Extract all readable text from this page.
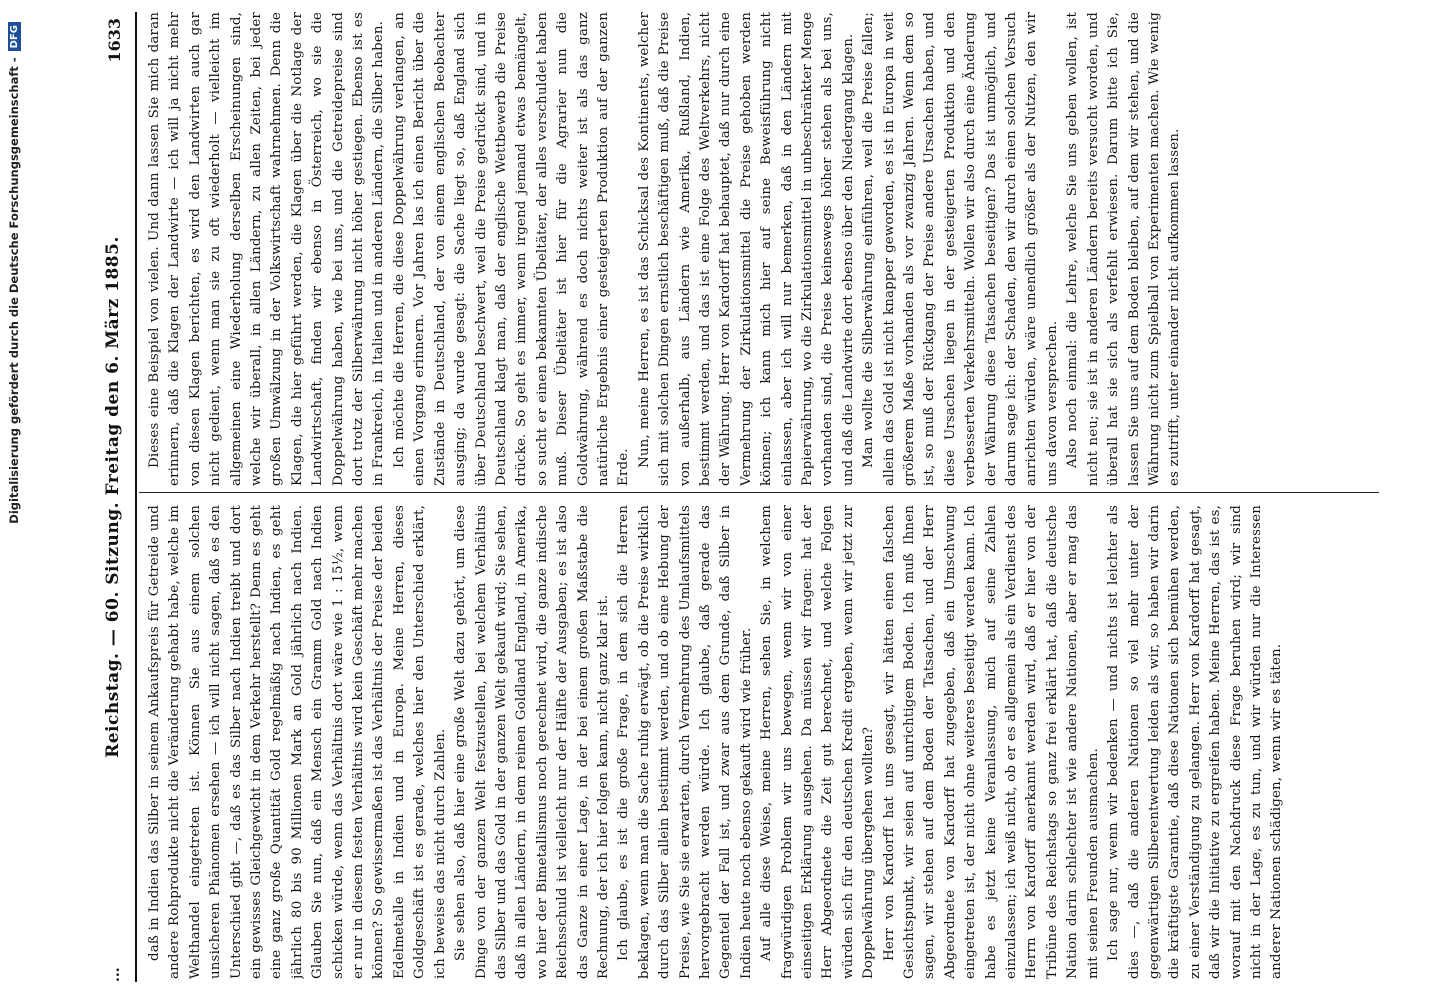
Digitalisierung gefördert durch die Deutsche Forschungsgemeinschaft -
DFG
...
Reichstag. — 60. Sitzung. Freitag den 6. März 1885.
1633

daß in Indien das Silber in seinem Ankaufspreis für Getreide und andere Rohprodukte nicht die Veränderung gehabt habe, welche im Welthandel eingetreten ist. Können Sie aus einem solchen unsicheren Phänomen ersehen — ich will nicht sagen, daß es den Unterschied gibt —, daß es das Silber nach Indien treibt und dort ein gewisses Gleichgewicht in dem Verkehr herstellt? Denn es geht eine ganz große Quantität Gold regelmäßig nach Indien, es geht jährlich 80 bis 90 Millionen Mark an Gold jährlich nach Indien. Glauben Sie nun, daß ein Mensch ein Gramm Gold nach Indien schicken würde, wenn das Verhältnis dort wäre wie 1 : 15½, wenn er nur in diesem festen Verhältnis wird kein Geschäft mehr machen können? So gewissermaßen ist das Verhältnis der Preise der beiden Edelmetalle in Indien und in Europa. Meine Herren, dieses Goldgeschäft ist es gerade, welches hier den Unterschied erklärt, ich beweise das nicht durch Zahlen. Sie sehen also, daß hier eine große Welt dazu gehört, um diese Dinge von der ganzen Welt festzustellen, bei welchem Verhältnis das Silber und das Gold in der ganzen Welt gekauft wird; Sie sehen, daß in allen Ländern, in dem reinen Goldland England, in Amerika, wo hier der Bimetallismus noch gerechnet wird, die ganze indische Reichsschuld ist vielleicht nur der Hälfte der Ausgaben; es ist also das Ganze in einer Lage, in der bei einem großen Maßstabe die Rechnung, der ich hier folgen kann, nicht ganz klar ist. Ich glaube, es ist die große Frage, in dem sich die Herren beklagen, wenn man die Sache ruhig erwägt, ob die Preise wirklich durch das Silber allein bestimmt werden, und ob eine Hebung der Preise, wie Sie sie erwarten, durch Vermehrung des Umlaufsmittels hervorgebracht werden würde. Ich glaube, daß gerade das Gegenteil der Fall ist, und zwar aus dem Grunde, daß Silber in Indien heute noch ebenso gekauft wird wie früher. Auf alle diese Weise, meine Herren, sehen Sie, in welchem fragwürdigen Problem wir uns bewegen, wenn wir von einer einseitigen Erklärung ausgehen. Da müssen wir fragen: hat der Herr Abgeordnete die Zeit gut berechnet, und welche Folgen würden sich für den deutschen Kredit ergeben, wenn wir jetzt zur Doppelwährung übergehen wollten? Herr von Kardorff hat uns gesagt, wir hätten einen falschen Gesichtspunkt, wir seien auf unrichtigem Boden. Ich muß Ihnen sagen, wir stehen auf dem Boden der Tatsachen, und der Herr Abgeordnete von Kardorff hat zugegeben, daß ein Umschwung eingetreten ist, der nicht ohne weiteres beseitigt werden kann. Ich habe es jetzt keine Veranlassung, mich auf seine Zahlen einzulassen; ich weiß nicht, ob er es allgemein als ein Verdienst des Herrn von Kardorff anerkannt werden wird, daß er hier von der Tribüne des Reichstags so ganz frei erklärt hat, daß die deutsche Nation darin schlechter ist wie andere Nationen, aber er mag das mit seinen Freunden ausmachen. Ich sage nur, wenn wir bedenken — und nichts ist leichter als dies —, daß die anderen Nationen so viel mehr unter der gegenwärtigen Silberentwertung leiden als wir, so haben wir darin die kräftigste Garantie, daß diese Nationen sich bemühen werden, zu einer Verständigung zu gelangen. Herr von Kardorff hat gesagt, daß wir die Initiative zu ergreifen haben. Meine Herren, das ist es, worauf mit den Nachdruck diese Frage beruhen wird; wir sind nicht in der Lage, es zu tun, und wir würden nur die Interessen anderer Nationen schädigen, wenn wir es täten.

Dieses eine Beispiel von vielen. Und dann lassen Sie mich daran erinnern, daß die Klagen der Landwirte — ich will ja nicht mehr von diesen Klagen berichten, es wird den Landwirten auch gar nicht gedient, wenn man sie zu oft wiederholt — vielleicht im allgemeinen eine Wiederholung derselben Erscheinungen sind, welche wir überall, in allen Ländern, zu allen Zeiten, bei jeder großen Umwälzung in der Volkswirtschaft wahrnehmen. Denn die Klagen, die hier geführt werden, die Klagen über die Notlage der Landwirtschaft, finden wir ebenso in Österreich, wo sie die Doppelwährung haben, wie bei uns, und die Getreidepreise sind dort trotz der Silberwährung nicht höher gestiegen. Ebenso ist es in Frankreich, in Italien und in anderen Ländern, die Silber haben. Ich möchte die Herren, die diese Doppelwährung verlangen, an einen Vorgang erinnern. Vor Jahren las ich einen Bericht über die Zustände in Deutschland, der von einem englischen Beobachter ausging; da wurde gesagt: die Sache liegt so, daß England sich über Deutschland beschwert, weil die Preise gedrückt sind, und in Deutschland klagt man, daß der englische Wettbewerb die Preise drücke. So geht es immer, wenn irgend jemand etwas bemängelt, so sucht er einen bekannten Übeltäter, der alles verschuldet haben muß. Dieser Übeltäter ist hier für die Agrarier nun die Goldwährung, während es doch nichts weiter ist als das ganz natürliche Ergebnis einer gesteigerten Produktion auf der ganzen Erde. Nun, meine Herren, es ist das Schicksal des Kontinents, welcher sich mit solchen Dingen ernstlich beschäftigen muß, daß die Preise von außerhalb, aus Ländern wie Amerika, Rußland, Indien, bestimmt werden, und das ist eine Folge des Weltverkehrs, nicht der Währung. Herr von Kardorff hat behauptet, daß nur durch eine Vermehrung der Zirkulationsmittel die Preise gehoben werden können; ich kann mich hier auf seine Beweisführung nicht einlassen, aber ich will nur bemerken, daß in den Ländern mit Papierwährung, wo die Zirkulationsmittel in unbeschränkter Menge vorhanden sind, die Preise keineswegs höher stehen als bei uns, und daß die Landwirte dort ebenso über den Niedergang klagen. Man wollte die Silberwährung einführen, weil die Preise fallen; allein das Gold ist nicht knapper geworden, es ist in Europa in weit größerem Maße vorhanden als vor zwanzig Jahren. Wenn dem so ist, so muß der Rückgang der Preise andere Ursachen haben, und diese Ursachen liegen in der gesteigerten Produktion und den verbesserten Verkehrsmitteln. Wollen wir also durch eine Änderung der Währung diese Tatsachen beseitigen? Das ist unmöglich, und darum sage ich: der Schaden, den wir durch einen solchen Versuch anrichten würden, wäre unendlich größer als der Nutzen, den wir uns davon versprechen. Also noch einmal: die Lehre, welche Sie uns geben wollen, ist nicht neu; sie ist in anderen Ländern bereits versucht worden, und überall hat sie sich als verfehlt erwiesen. Darum bitte ich Sie, lassen Sie uns auf dem Boden bleiben, auf dem wir stehen, und die Währung nicht zum Spielball von Experimenten machen. Wie wenig es zutrifft, unter einander nicht aufkommen lassen.
